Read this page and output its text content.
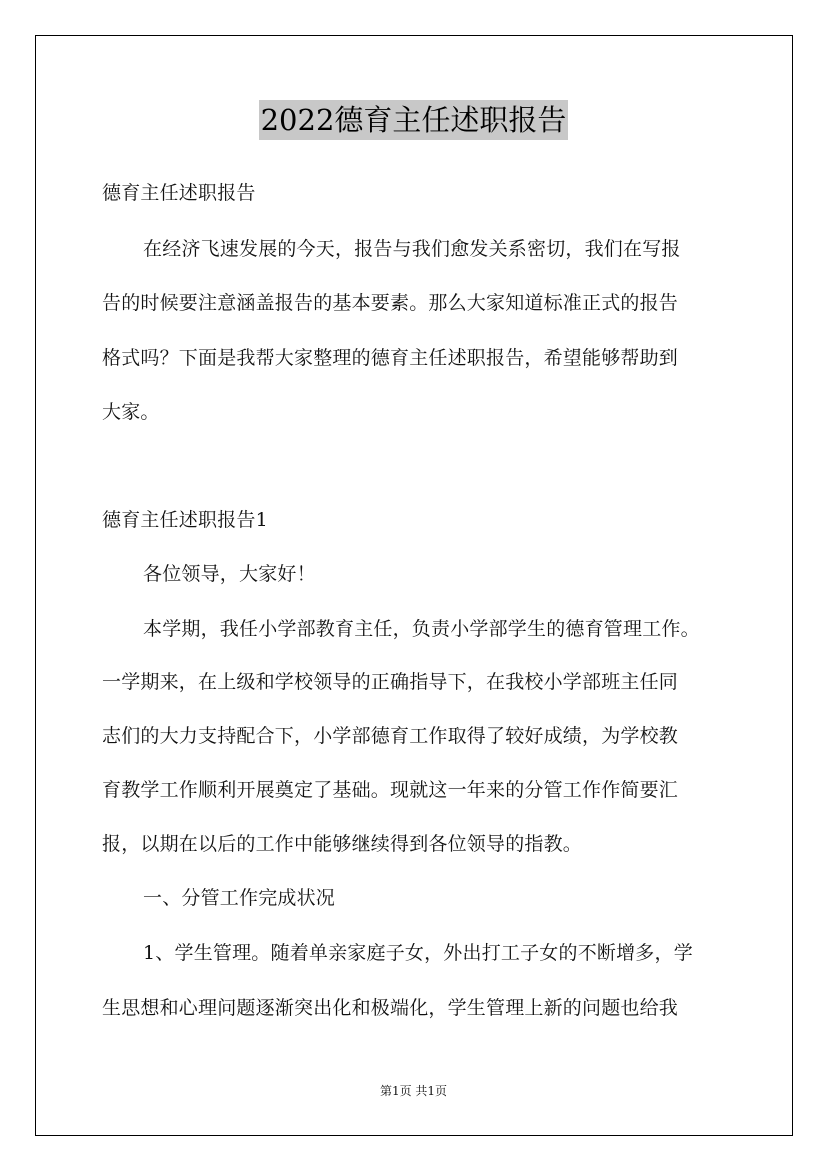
2022德育主任述职报告
德育主任述职报告
在经济飞速发展的今天，报告与我们愈发关系密切，我们在写报
告的时候要注意涵盖报告的基本要素。那么大家知道标准正式的报告
格式吗？下面是我帮大家整理的德育主任述职报告，希望能够帮助到
大家。
德育主任述职报告1
各位领导，大家好！
本学期，我任小学部教育主任，负责小学部学生的德育管理工作。
一学期来，在上级和学校领导的正确指导下，在我校小学部班主任同
志们的大力支持配合下，小学部德育工作取得了较好成绩，为学校教
育教学工作顺利开展奠定了基础。现就这一年来的分管工作作简要汇
报，以期在以后的工作中能够继续得到各位领导的指教。
一、分管工作完成状况
1、学生管理。随着单亲家庭子女，外出打工子女的不断增多，学
生思想和心理问题逐渐突出化和极端化，学生管理上新的问题也给我
第1页 共1页
